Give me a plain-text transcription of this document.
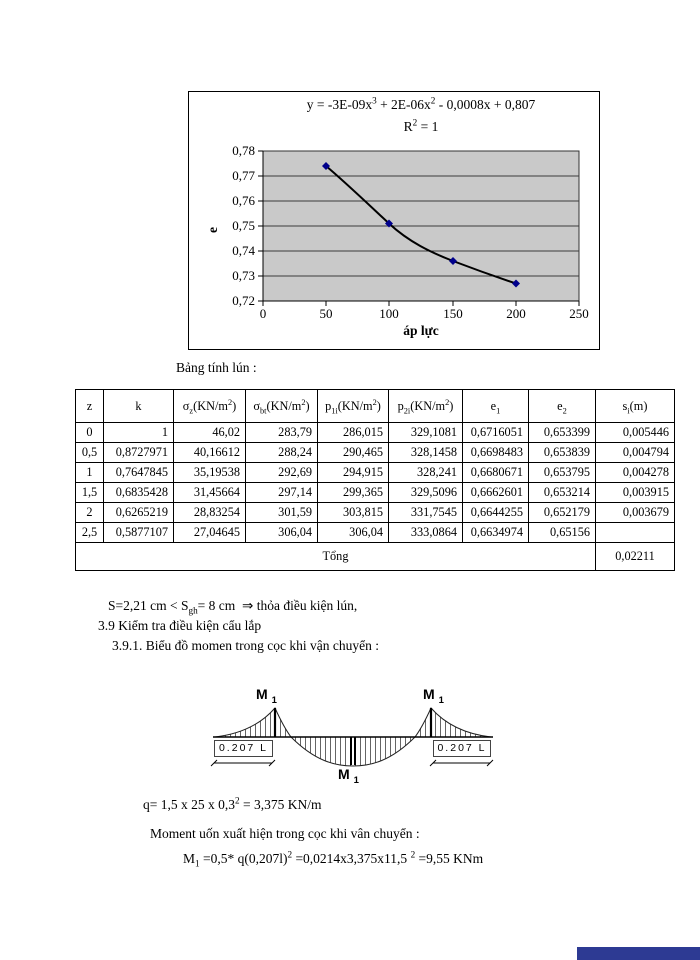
$y = -3E-09x^3 + 2E-06x^2 - 0,0008x + 0,807$
$R^2 = 1$
0,78
0,77
0,76
0,75
0,74
0,73
0,72
0	50	100	150	200	250
e
áp lực
Bảng tính lún :
z	k	$\sigma_z(KN/m^2)$	$\sigma_{bt}(KN/m^2)$	$p_{1i}(KN/m^2)$	$p_{2i}(KN/m^2)$	$e_1$	$e_2$	$s_i(m)$
0	1	46,02	283,79	286,015	329,1081	0,6716051	0,653399	0,005446
0,5	0,8727971	40,16612	288,24	290,465	328,1458	0,6698483	0,653839	0,004794
1	0,7647845	35,19538	292,69	294,915	328,241	0,6680671	0,653795	0,004278
1,5	0,6835428	31,45664	297,14	299,365	329,5096	0,6662601	0,653214	0,003915
2	0,6265219	28,83254	301,59	303,815	331,7545	0,6644255	0,652179	0,003679
2,5	0,5877107	27,04645	306,04	306,04	333,0864	0,6634974	0,65156	
Tổng								0,02211
S=2,21 cm < $S_{gh}= 8$ cm  ⇒ thỏa điều kiện lún,
3.9 Kiểm tra điều kiện cẩu lắp
3.9.1. Biểu đồ momen trong cọc khi vận chuyển :
M $_1$	M $_1$
M $_1$
0.207 L	0.207 L
q= 1,5 x 25 x $0,3^2 = 3,375$ KN/m
Moment uốn xuất hiện trong cọc khi vân chuyển :
$M_1 =0,5*$ $q(0,207l)^2 =0,0214x3,375x11,5$ $^2$ =9,55 KNm
